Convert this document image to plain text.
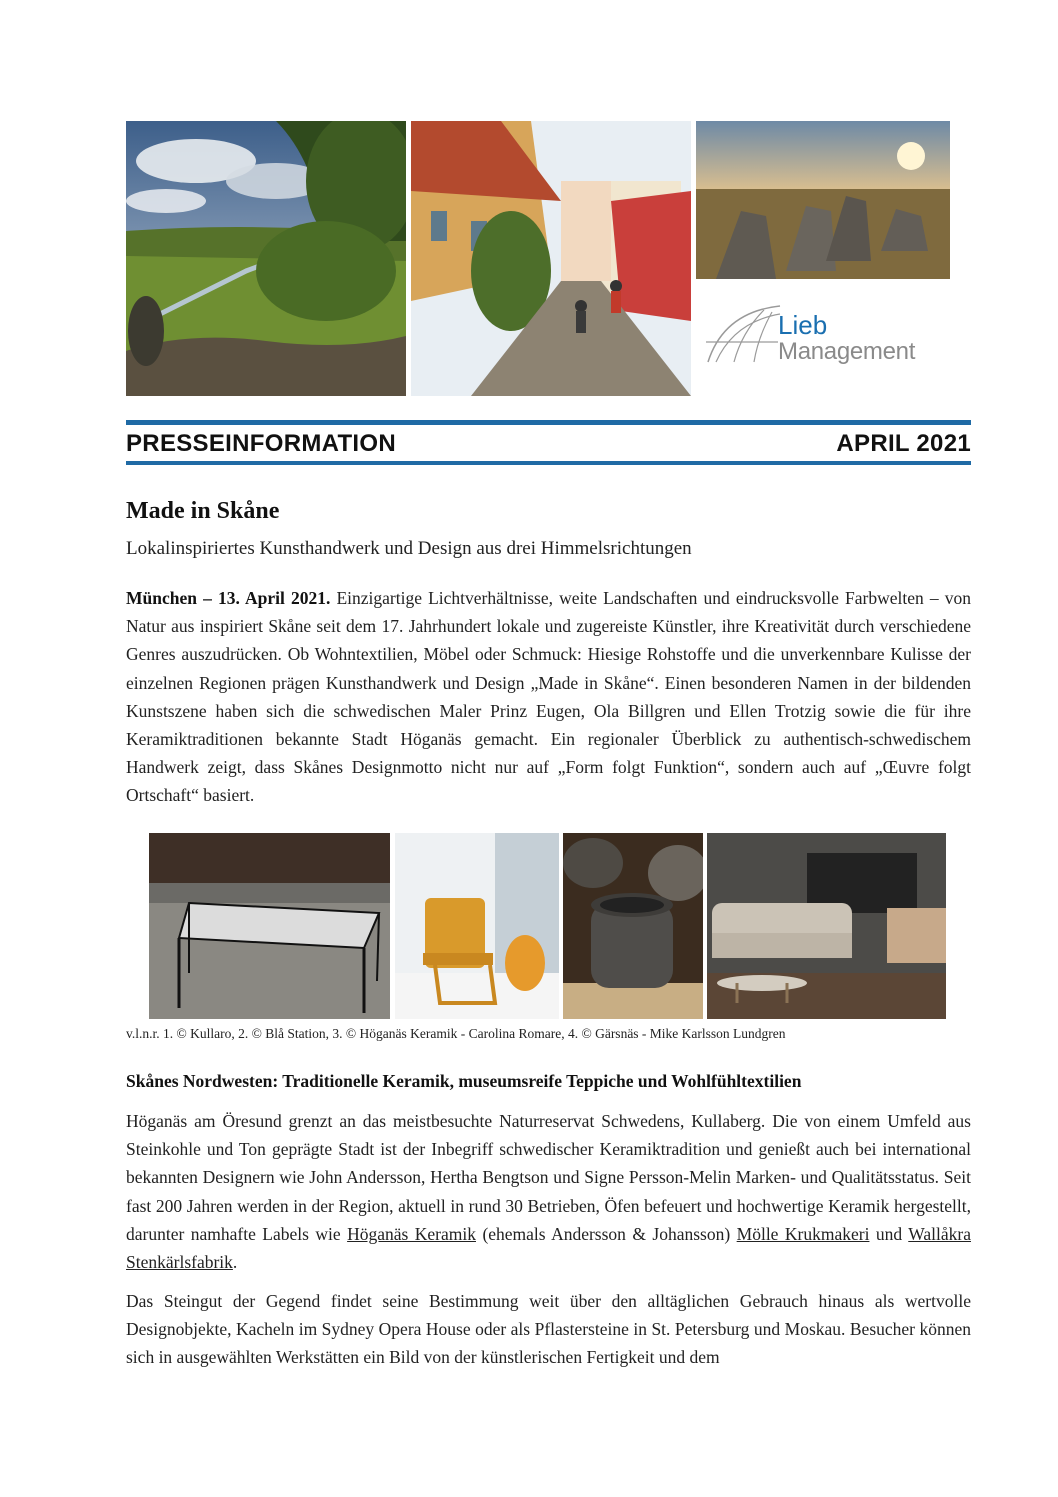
Lieb
Management
PRESSEINFORMATION	APRIL 2021
Made in Skåne

Lokalinspiriertes Kunsthandwerk und Design aus drei Himmelsrichtungen

München – 13. April 2021. Einzigartige Lichtverhältnisse, weite Landschaften und eindrucksvolle Farbwelten – von Natur aus inspiriert Skåne seit dem 17. Jahrhundert lokale und zugereiste Künstler, ihre Kreativität durch verschiedene Genres auszudrücken. Ob Wohntextilien, Möbel oder Schmuck: Hiesige Rohstoffe und die unverkennbare Kulisse der einzelnen Regionen prägen Kunsthandwerk und Design „Made in Skåne“. Einen besonderen Namen in der bildenden Kunstszene haben sich die schwedischen Maler Prinz Eugen, Ola Billgren und Ellen Trotzig sowie die für ihre Keramiktraditionen bekannte Stadt Höganäs gemacht. Ein regionaler Überblick zu authentisch-schwedischem Handwerk zeigt, dass Skånes Designmotto nicht nur auf „Form folgt Funktion“, sondern auch auf „Œuvre folgt Ortschaft“ basiert.

v.l.n.r. 1. © Kullaro, 2. © Blå Station, 3. © Höganäs Keramik - Carolina Romare, 4. © Gärsnäs - Mike Karlsson Lundgren

Skånes Nordwesten: Traditionelle Keramik, museumsreife Teppiche und Wohlfühltextilien

Höganäs am Öresund grenzt an das meistbesuchte Naturreservat Schwedens, Kullaberg. Die von einem Umfeld aus Steinkohle und Ton geprägte Stadt ist der Inbegriff schwedischer Keramiktradition und genießt auch bei international bekannten Designern wie John Andersson, Hertha Bengtson und Signe Persson-Melin Marken- und Qualitätsstatus. Seit fast 200 Jahren werden in der Region, aktuell in rund 30 Betrieben, Öfen befeuert und hochwertige Keramik hergestellt, darunter namhafte Labels wie Höganäs Keramik (ehemals Andersson & Johansson) Mölle Krukmakeri und Wallåkra Stenkärlsfabrik.

Das Steingut der Gegend findet seine Bestimmung weit über den alltäglichen Gebrauch hinaus als wertvolle Designobjekte, Kacheln im Sydney Opera House oder als Pflastersteine in St. Petersburg und Moskau. Besucher können sich in ausgewählten Werkstätten ein Bild von der künstlerischen Fertigkeit und dem
